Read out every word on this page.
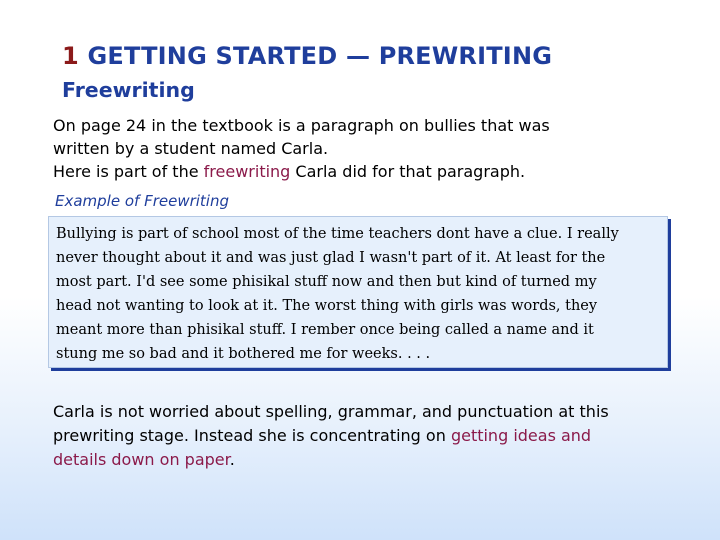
1 GETTING STARTED — PREWRITING
Freewriting
On page 24 in the textbook is a paragraph on bullies that was
written by a student named Carla.
Here is part of the freewriting Carla did for that paragraph.
Example of Freewriting
Bullying is part of school most of the time teachers dont have a clue. I really
never thought about it and was just glad I wasn't part of it. At least for the
most part. I'd see some phisikal stuff now and then but kind of turned my
head not wanting to look at it. The worst thing with girls was words, they
meant more than phisikal stuff. I rember once being called a name and it
stung me so bad and it bothered me for weeks. . . .
Carla is not worried about spelling, grammar, and punctuation at this
prewriting stage. Instead she is concentrating on getting ideas and
details down on paper.
